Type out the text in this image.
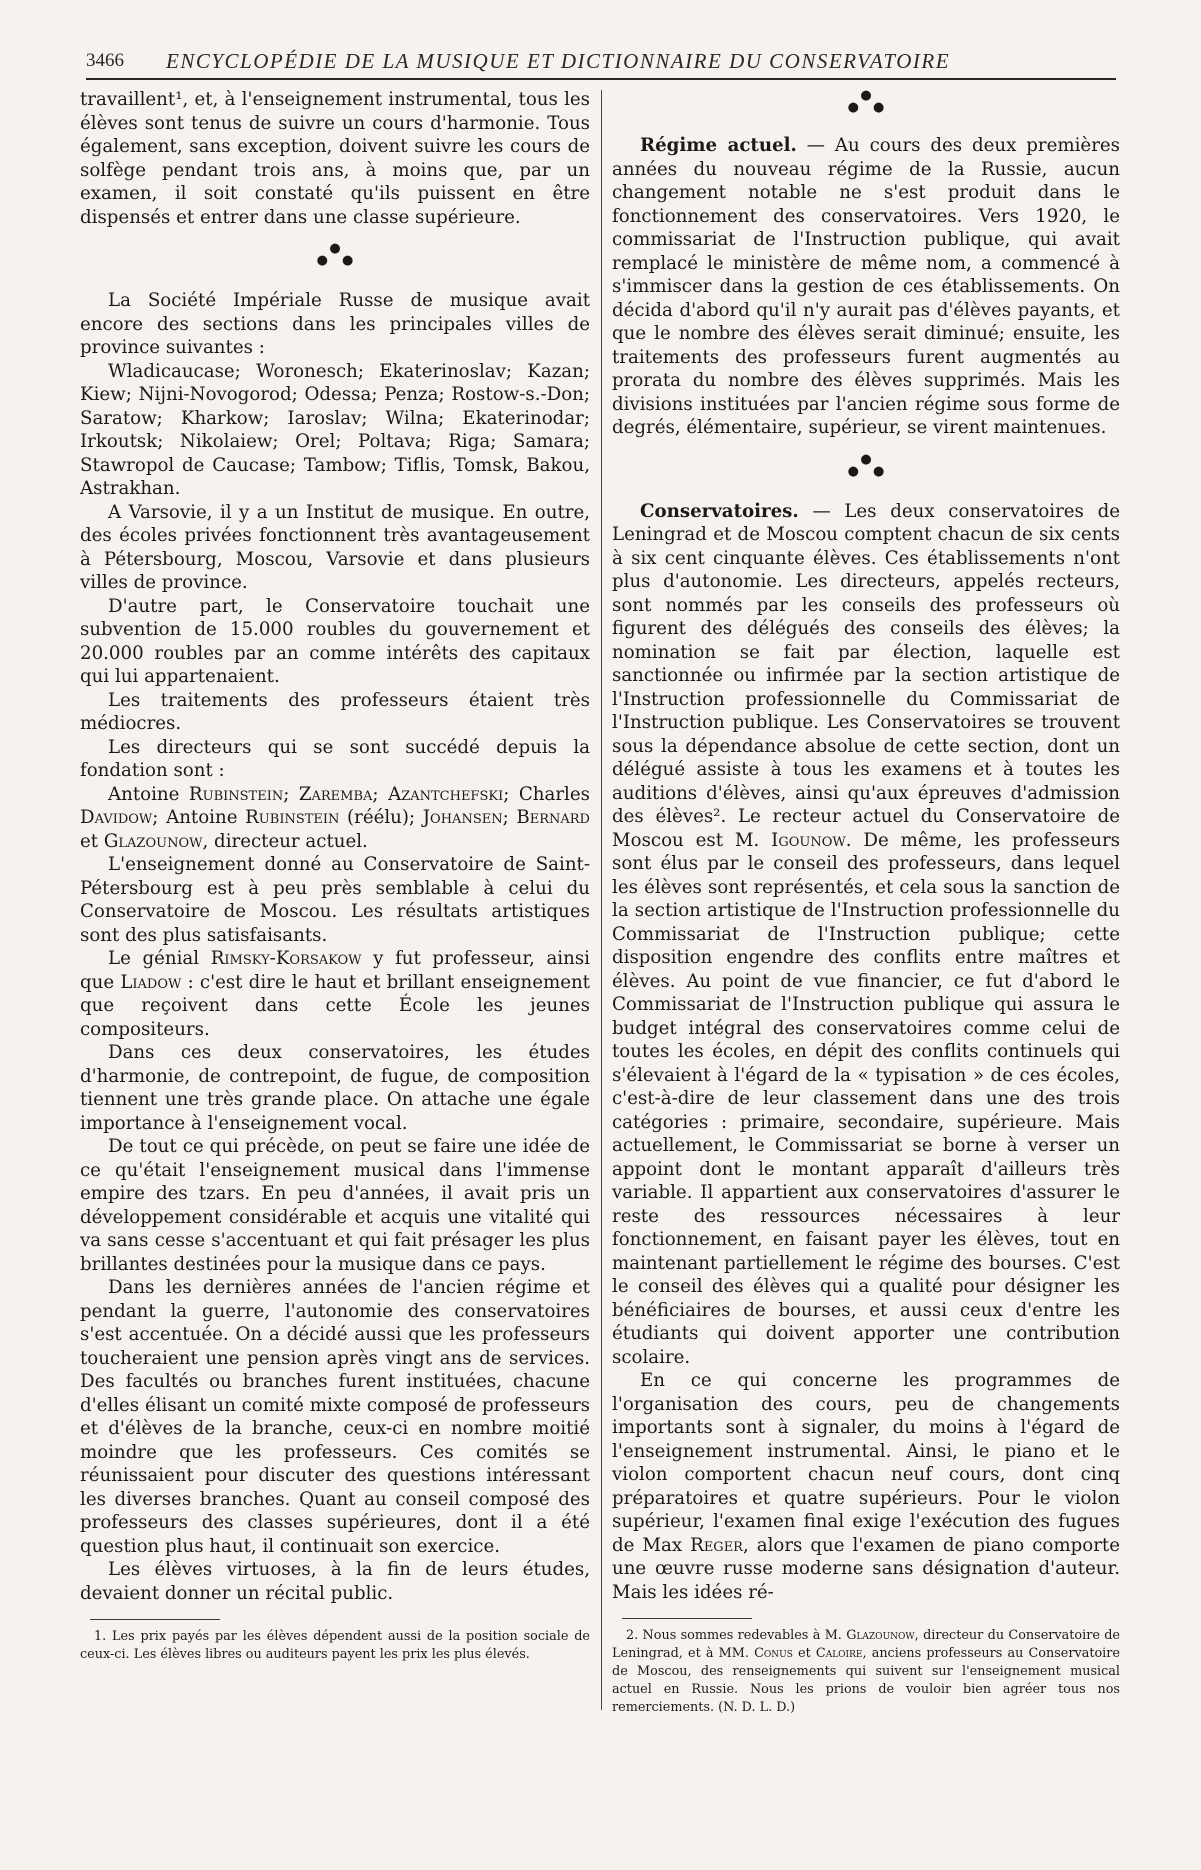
3466 ENCYCLOPÉDIE DE LA MUSIQUE ET DICTIONNAIRE DU CONSERVATOIRE

travaillent¹, et, à l'enseignement instrumental, tous les élèves sont tenus de suivre un cours d'harmonie. Tous également, sans exception, doivent suivre les cours de solfège pendant trois ans, à moins que, par un examen, il soit constaté qu'ils puissent en être dispensés et entrer dans une classe supérieure.

●
●●

La Société Impériale Russe de musique avait encore des sections dans les principales villes de province suivantes :

Wladicaucase; Woronesch; Ekaterinoslav; Kazan; Kiew; Nijni-Novogorod; Odessa; Penza; Rostow-s.-Don; Saratow; Kharkow; Iaroslav; Wilna; Ekaterinodar; Irkoutsk; Nikolaiew; Orel; Poltava; Riga; Samara; Stawropol de Caucase; Tambow; Tiflis, Tomsk, Bakou, Astrakhan.

A Varsovie, il y a un Institut de musique. En outre, des écoles privées fonctionnent très avantageusement à Pétersbourg, Moscou, Varsovie et dans plusieurs villes de province.

D'autre part, le Conservatoire touchait une subvention de 15.000 roubles du gouvernement et 20.000 roubles par an comme intérêts des capitaux qui lui appartenaient.

Les traitements des professeurs étaient très médiocres.

Les directeurs qui se sont succédé depuis la fondation sont :

Antoine Rubinstein; Zaremba; Azantchefski; Charles Davidow; Antoine Rubinstein (réélu); Johansen; Bernard et Glazounow, directeur actuel.

L'enseignement donné au Conservatoire de Saint-Pétersbourg est à peu près semblable à celui du Conservatoire de Moscou. Les résultats artistiques sont des plus satisfaisants.

Le génial Rimsky-Korsakow y fut professeur, ainsi que Liadow : c'est dire le haut et brillant enseignement que reçoivent dans cette École les jeunes compositeurs.

Dans ces deux conservatoires, les études d'harmonie, de contrepoint, de fugue, de composition tiennent une très grande place. On attache une égale importance à l'enseignement vocal.

De tout ce qui précède, on peut se faire une idée de ce qu'était l'enseignement musical dans l'immense empire des tzars. En peu d'années, il avait pris un développement considérable et acquis une vitalité qui va sans cesse s'accentuant et qui fait présager les plus brillantes destinées pour la musique dans ce pays.

Dans les dernières années de l'ancien régime et pendant la guerre, l'autonomie des conservatoires s'est accentuée. On a décidé aussi que les professeurs toucheraient une pension après vingt ans de services. Des facultés ou branches furent instituées, chacune d'elles élisant un comité mixte composé de professeurs et d'élèves de la branche, ceux-ci en nombre moitié moindre que les professeurs. Ces comités se réunissaient pour discuter des questions intéressant les diverses branches. Quant au conseil composé des professeurs des classes supérieures, dont il a été question plus haut, il continuait son exercice.

Les élèves virtuoses, à la fin de leurs études, devaient donner un récital public.

1. Les prix payés par les élèves dépendent aussi de la position sociale de ceux-ci. Les élèves libres ou auditeurs payent les prix les plus élevés.

●
●●

Régime actuel. — Au cours des deux premières années du nouveau régime de la Russie, aucun changement notable ne s'est produit dans le fonctionnement des conservatoires. Vers 1920, le commissariat de l'Instruction publique, qui avait remplacé le ministère de même nom, a commencé à s'immiscer dans la gestion de ces établissements. On décida d'abord qu'il n'y aurait pas d'élèves payants, et que le nombre des élèves serait diminué; ensuite, les traitements des professeurs furent augmentés au prorata du nombre des élèves supprimés. Mais les divisions instituées par l'ancien régime sous forme de degrés, élémentaire, supérieur, se virent maintenues.

●
●●

Conservatoires. — Les deux conservatoires de Leningrad et de Moscou comptent chacun de six cents à six cent cinquante élèves. Ces établissements n'ont plus d'autonomie. Les directeurs, appelés recteurs, sont nommés par les conseils des professeurs où figurent des délégués des conseils des élèves; la nomination se fait par élection, laquelle est sanctionnée ou infirmée par la section artistique de l'Instruction professionnelle du Commissariat de l'Instruction publique. Les Conservatoires se trouvent sous la dépendance absolue de cette section, dont un délégué assiste à tous les examens et à toutes les auditions d'élèves, ainsi qu'aux épreuves d'admission des élèves². Le recteur actuel du Conservatoire de Moscou est M. Igounow. De même, les professeurs sont élus par le conseil des professeurs, dans lequel les élèves sont représentés, et cela sous la sanction de la section artistique de l'Instruction professionnelle du Commissariat de l'Instruction publique; cette disposition engendre des conflits entre maîtres et élèves. Au point de vue financier, ce fut d'abord le Commissariat de l'Instruction publique qui assura le budget intégral des conservatoires comme celui de toutes les écoles, en dépit des conflits continuels qui s'élevaient à l'égard de la « typisation » de ces écoles, c'est-à-dire de leur classement dans une des trois catégories : primaire, secondaire, supérieure. Mais actuellement, le Commissariat se borne à verser un appoint dont le montant apparaît d'ailleurs très variable. Il appartient aux conservatoires d'assurer le reste des ressources nécessaires à leur fonctionnement, en faisant payer les élèves, tout en maintenant partiellement le régime des bourses. C'est le conseil des élèves qui a qualité pour désigner les bénéficiaires de bourses, et aussi ceux d'entre les étudiants qui doivent apporter une contribution scolaire.

En ce qui concerne les programmes de l'organisation des cours, peu de changements importants sont à signaler, du moins à l'égard de l'enseignement instrumental. Ainsi, le piano et le violon comportent chacun neuf cours, dont cinq préparatoires et quatre supérieurs. Pour le violon supérieur, l'examen final exige l'exécution des fugues de Max Reger, alors que l'examen de piano comporte une œuvre russe moderne sans désignation d'auteur. Mais les idées ré-

2. Nous sommes redevables à M. Glazounow, directeur du Conservatoire de Leningrad, et à MM. Conus et Caloire, anciens professeurs au Conservatoire de Moscou, des renseignements qui suivent sur l'enseignement musical actuel en Russie. Nous les prions de vouloir bien agréer tous nos remerciements. (N. D. L. D.)
